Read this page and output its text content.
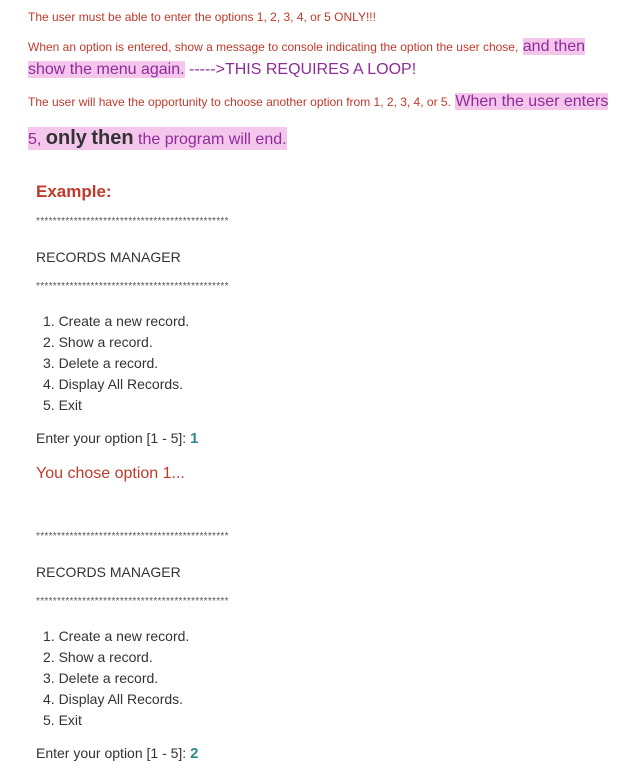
The user must be able to enter the options 1, 2, 3, 4, or 5 ONLY!!!
When an option is entered, show a message to console indicating the option the user chose, and then
show the menu again. ----->THIS REQUIRES A LOOP!
The user will have the opportunity to choose another option from 1, 2, 3, 4, or 5. When the user enters
5, only then the program will end.
Example:
**********************************************
RECORDS MANAGER
**********************************************
1. Create a new record.
2. Show a record.
3. Delete a record.
4. Display All Records.
5. Exit
Enter your option [1 - 5]: 1
You chose option 1...
**********************************************
RECORDS MANAGER
**********************************************
1. Create a new record.
2. Show a record.
3. Delete a record.
4. Display All Records.
5. Exit
Enter your option [1 - 5]: 2
